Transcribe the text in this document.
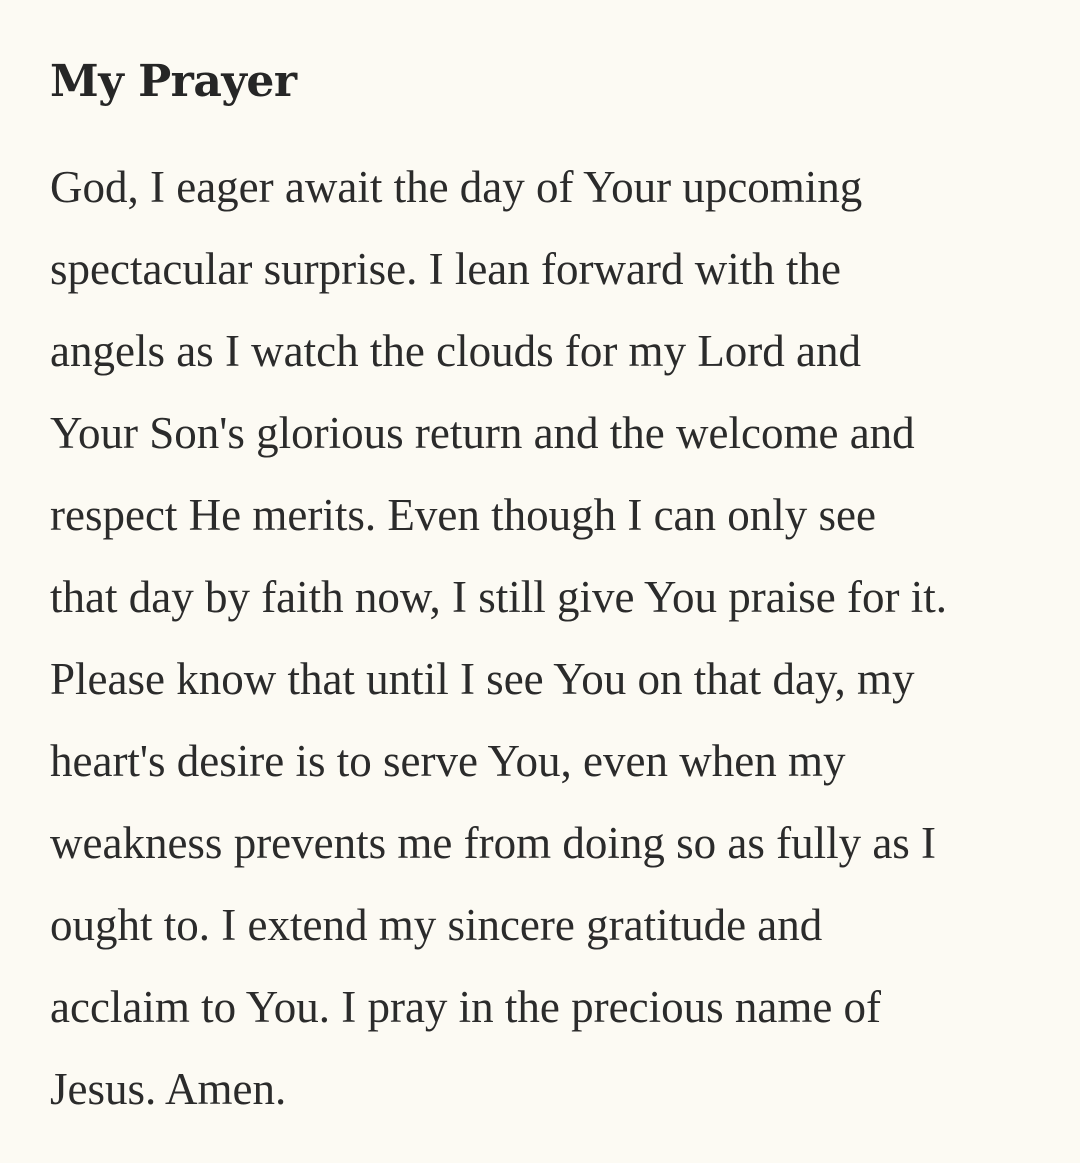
My Prayer

God, I eager await the day of Your upcoming
spectacular surprise. I lean forward with the
angels as I watch the clouds for my Lord and
Your Son's glorious return and the welcome and
respect He merits. Even though I can only see
that day by faith now, I still give You praise for it.
Please know that until I see You on that day, my
heart's desire is to serve You, even when my
weakness prevents me from doing so as fully as I
ought to. I extend my sincere gratitude and
acclaim to You. I pray in the precious name of
Jesus. Amen.
